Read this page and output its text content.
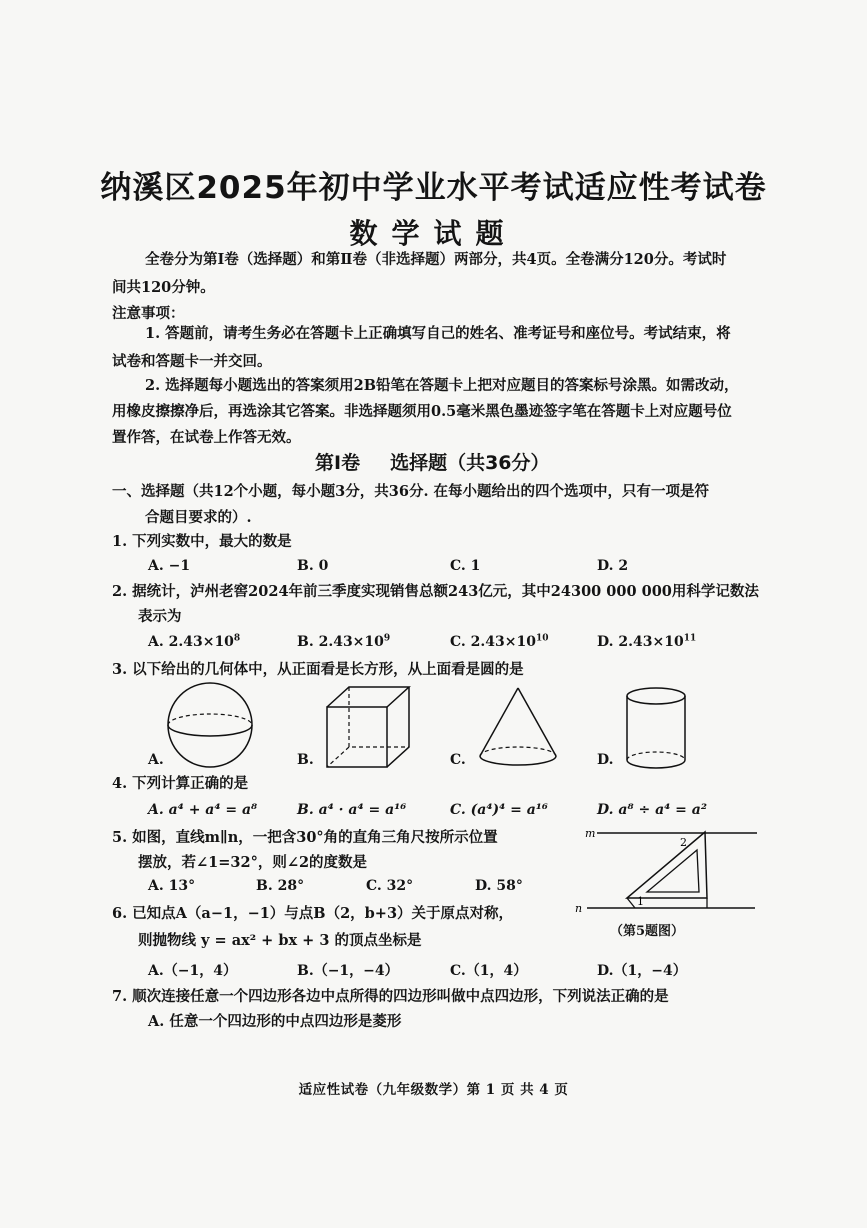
纳溪区2025年初中学业水平考试适应性考试卷
数学试题
全卷分为第Ⅰ卷（选择题）和第Ⅱ卷（非选择题）两部分，共4页。全卷满分120分。考试时
间共120分钟。
注意事项：
1. 答题前，请考生务必在答题卡上正确填写自己的姓名、准考证号和座位号。考试结束，将
试卷和答题卡一并交回。
2. 选择题每小题选出的答案须用2B铅笔在答题卡上把对应题目的答案标号涂黑。如需改动，
用橡皮擦擦净后，再选涂其它答案。非选择题须用0.5毫米黑色墨迹签字笔在答题卡上对应题号位
置作答，在试卷上作答无效。
第Ⅰ卷 选择题（共36分）
一、选择题（共12个小题，每小题3分，共36分. 在每小题给出的四个选项中，只有一项是符
合题目要求的）.
1. 下列实数中，最大的数是
A. −1	B. 0	C. 1	D. 2
2. 据统计，泸州老窖2024年前三季度实现销售总额243亿元，其中24300 000 000用科学记数法
表示为
A. $2.43\times 10^8$	B. $2.43\times 10^9$	C. $2.43\times 10^{10}$	D. $2.43\times 10^{11}$
3. 以下给出的几何体中，从正面看是长方形，从上面看是圆的是
A.	B.	C.	D.
4. 下列计算正确的是
A. a⁴ + a⁴ = a⁸	B. a⁴ · a⁴ = a¹⁶	C. (a⁴)⁴ = a¹⁶	D. a⁸ ÷ a⁴ = a²
5. 如图，直线m∥n，一把含30°角的直角三角尺按所示位置
摆放，若∠1=32°，则∠2的度数是
A. 13°	B. 28°	C. 32°	D. 58°
m
n
2
1
（第5题图）
6. 已知点A（a−1，−1）与点B（2，b+3）关于原点对称，
则抛物线 y = ax² + bx + 3 的顶点坐标是
A.（−1，4）	B.（−1，−4）	C.（1，4）	D.（1，−4）
7. 顺次连接任意一个四边形各边中点所得的四边形叫做中点四边形，下列说法正确的是
A. 任意一个四边形的中点四边形是菱形
适应性试卷（九年级数学）第 1 页 共 4 页
